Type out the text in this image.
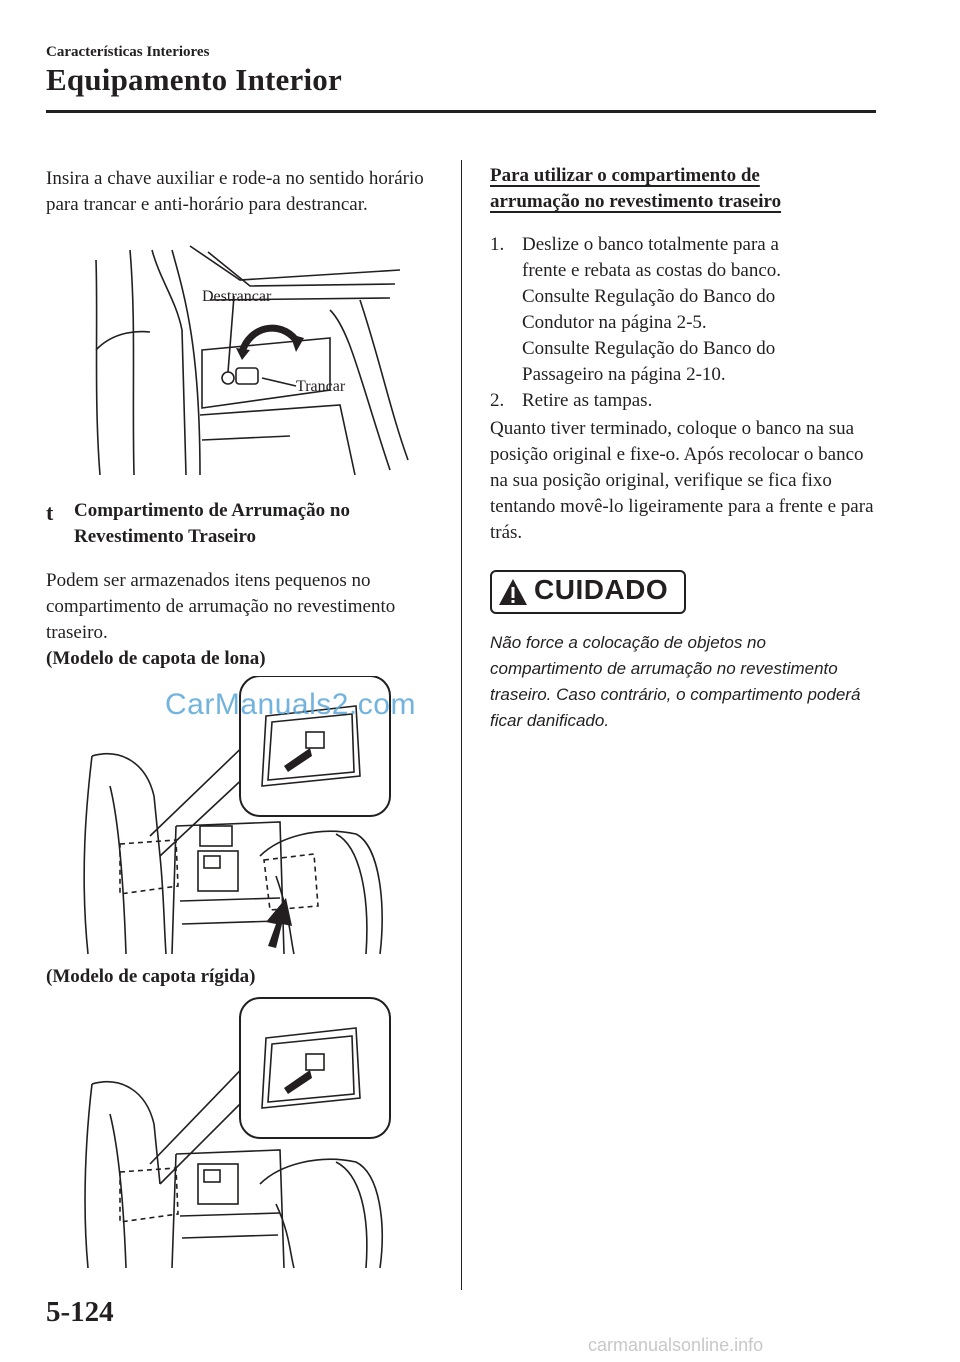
Características Interiores
Equipamento Interior
Insira a chave auxiliar e rode-a no sentido horário para trancar e anti-horário para destrancar.
Destrancar
Trancar
t Compartimento de Arrumação no
Revestimento Traseiro
Podem ser armazenados itens pequenos no compartimento de arrumação no revestimento traseiro.
(Modelo de capota de lona)
CarManuals2.com
(Modelo de capota rígida)
Para utilizar o compartimento de
arrumação no revestimento traseiro
1. Deslize o banco totalmente para a
frente e rebata as costas do banco.
Consulte Regulação do Banco do
Condutor na página 2-5.
Consulte Regulação do Banco do
Passageiro na página 2-10.
2. Retire as tampas.
Quanto tiver terminado, coloque o banco na sua posição original e fixe-o. Após recolocar o banco na sua posição original, verifique se fica fixo tentando movê-lo ligeiramente para a frente e para trás.
CUIDADO
Não force a colocação de objetos no compartimento de arrumação no revestimento traseiro. Caso contrário, o compartimento poderá ficar danificado.
5-124
carmanualsonline.info
